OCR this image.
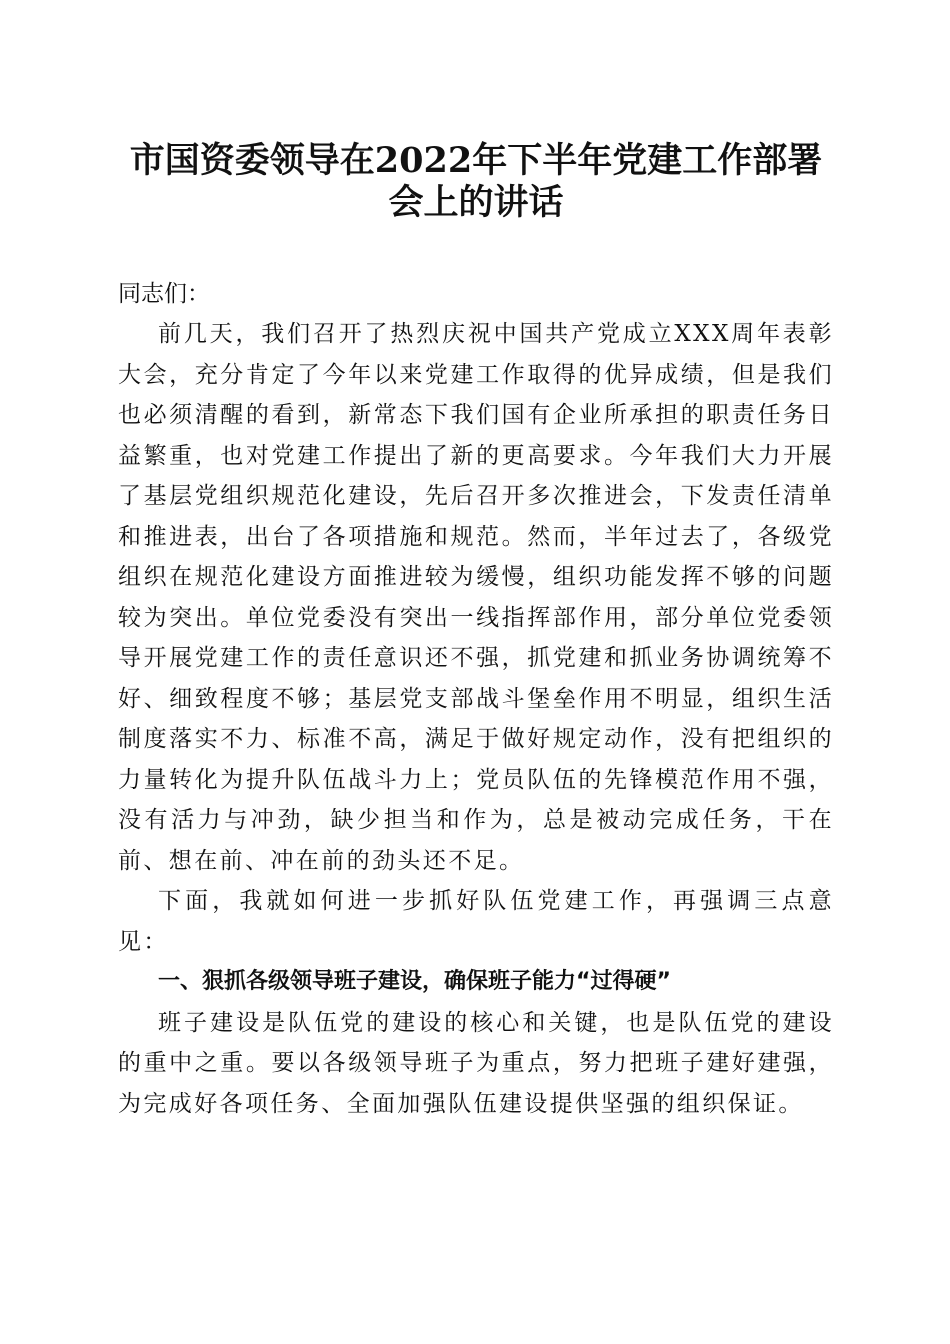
市国资委领导在2022年下半年党建工作部署
会上的讲话

同志们：

前几天，我们召开了热烈庆祝中国共产党成立XXX周年表彰大会，充分肯定了今年以来党建工作取得的优异成绩，但是我们也必须清醒的看到，新常态下我们国有企业所承担的职责任务日益繁重，也对党建工作提出了新的更高要求。今年我们大力开展了基层党组织规范化建设，先后召开多次推进会，下发责任清单和推进表，出台了各项措施和规范。然而，半年过去了，各级党组织在规范化建设方面推进较为缓慢，组织功能发挥不够的问题较为突出。单位党委没有突出一线指挥部作用，部分单位党委领导开展党建工作的责任意识还不强，抓党建和抓业务协调统筹不好、细致程度不够；基层党支部战斗堡垒作用不明显，组织生活制度落实不力、标准不高，满足于做好规定动作，没有把组织的力量转化为提升队伍战斗力上；党员队伍的先锋模范作用不强，没有活力与冲劲，缺少担当和作为，总是被动完成任务，干在前、想在前、冲在前的劲头还不足。

下面，我就如何进一步抓好队伍党建工作，再强调三点意见：

一、狠抓各级领导班子建设，确保班子能力“过得硬”

班子建设是队伍党的建设的核心和关键，也是队伍党的建设的重中之重。要以各级领导班子为重点，努力把班子建好建强，为完成好各项任务、全面加强队伍建设提供坚强的组织保证。
